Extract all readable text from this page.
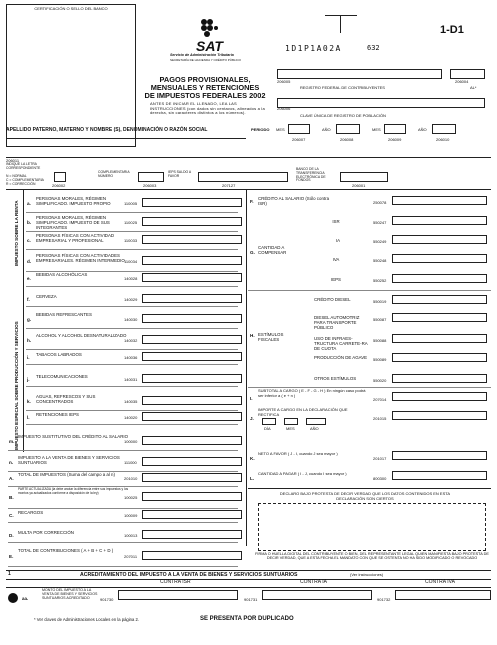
CERTIFICACIÓN O SELLO DEL BANCO
SAT
Servicio de Administración Tributaria
SECRETARÍA DE HACIENDA Y CRÉDITO PÚBLICO
1-D1
1D1P1A02A	632
PAGOS PROVISIONALES,
MENSUALES Y RETENCIONES
DE IMPUESTOS FEDERALES 2002
ANTES DE INICIAR EL LLENADO, LEA LAS INSTRUCCIONES (con dados sin centavos, alineados a la derecha, sin caracteres distintos a los números).
206005
REGISTRO FEDERAL DE CONTRIBUYENTES
206004
AL*
206006
CLAVE ÚNICA DE REGISTRO DE POBLACIÓN
APELLIDO PATERNO, MATERNO Y NOMBRE (S), DENOMINACIÓN O RAZÓN SOCIAL	PERIODO MES	AÑO	MES	AÑO
206007	206008	206009	206010
206011
INDIQUE LA LETRA CORRESPONDIENTE
N = NORMAL
C = COMPLEMENTARIA
R = CORRECCIÓN	206002
COMPLEMENTARIA NÚMERO
206003
IEPS SALDO A FAVOR
207127
BANCO DE LA TRANSFERENCIA ELECTRÓNICA DE FONDOS
206001
IMPUESTO SOBRE LA RENTA
IMPUESTO ESPECIAL SOBRE PRODUCCIÓN Y SERVICIOS
a.
PERSONAS MORALES, RÉGIMEN SIMPLIFICADO. IMPUESTO PROPIO	110005
b.
PERSONAS MORALES, RÉGIMEN SIMPLIFICADO. IMPUESTO DE SUS INTEGRANTES
110025
c.
PERSONAS FÍSICAS CON ACTIVIDAD EMPRESARIAL Y PROFESIONAL	110033
d.
PERSONAS FÍSICAS CON ACTIVIDADES EMPRESARIALES. RÉGIMEN INTERMEDIO 110034
e.
BEBIDAS ALCOHÓLICAS
140028
f.
CERVEZA
140029
g.
BEBIDAS REFRESCANTES
140030
h.
ALCOHOL Y ALCOHOL DESNATURALIZADO
140032
i.
TABACOS LABRADOS
140036
j.
TELECOMUNICACIONES
140031
k.
AGUAS, REFRESCOS Y SUS CONCENTRADOS	140035
l.
RETENCIONES IEPS
140020
m.
IMPUESTO SUSTITUTIVO DEL CRÉDITO AL SALARIO
100000
n.
IMPUESTO A LA VENTA DE BIENES Y SERVICIOS SUNTUARIOS	111000
A.
TOTAL DE IMPUESTOS (Suma del campo a al n)
201010
B.
PARTE ACTUALIZADA (la debe anotar la diferencia entre sus impuestos y los montos ya actualizados conforme a disposición de la ley)
100025
C.
RECARGOS
100009
D.
MULTA POR CORRECCIÓN
100013
E.
TOTAL DE CONTRIBUCIONES ( A + B + C + D )
207011
F.
CRÉDITO AL SALARIO (Sólo contra ISR)	250078
G.
CANTIDAD A COMPENSAR
ISR	550247
IA	550249
IVA	550248
IEPS	550252
H. ESTÍMULOS FISCALES
CRÉDITO DIESEL	550019
DIESEL AUTOMOTRIZ PARA TRANSPORTE PÚBLICO
550087
USO DE INFRAES-TRUCTURA CARRETE-RA DE CUOTA
550088
PRODUCCIÓN DE AGAVE	550089
OTROS ESTÍMULOS	550020
I.
SUBTOTAL A CARGO ( E - F - G - H ) En ningún caso podrá ser inferior a ( e + n )
207014
J.
IMPORTE A CARGO EN LA DECLARACIÓN QUE RECTIFICA
201015
DÍA	MES	AÑO
K.
NETO A FAVOR ( J - I, cuando J sea mayor )
201017
L.
CANTIDAD A PAGAR ( I - J, cuando I sea mayor )
800300
DECLARO BAJO PROTESTA DE DECIR VERDAD QUE LOS DATOS CONTENIDOS EN ESTA DECLARACIÓN SON CIERTOS
FIRMA O HUELLA DIGITAL DEL CONTRIBUYENTE O BIEN, DEL REPRESENTANTE LEGAL QUIEN MANIFIESTA BAJO PROTESTA DE DECIR VERDAD, QUE A ESTA FECHA EL MANDATO CON QUE SE OSTENTA NO HA SIDO MODIFICADO O REVOCADO
1	ACREDITAMIENTO DEL IMPUESTO A LA VENTA DE BIENES Y SERVICIOS SUNTUARIOS	(Ver instrucciones)
CONTRA ISR	CONTRA IA	CONTRA IVA
aa.
MONTO DEL IMPUESTO A LA VENTA DE BIENES Y SERVICIOS SUNTUARIOS ACREDITADO	901730	901731	901732
* Ver claves de Administraciones Locales en la página 2.	SE PRESENTA POR DUPLICADO
